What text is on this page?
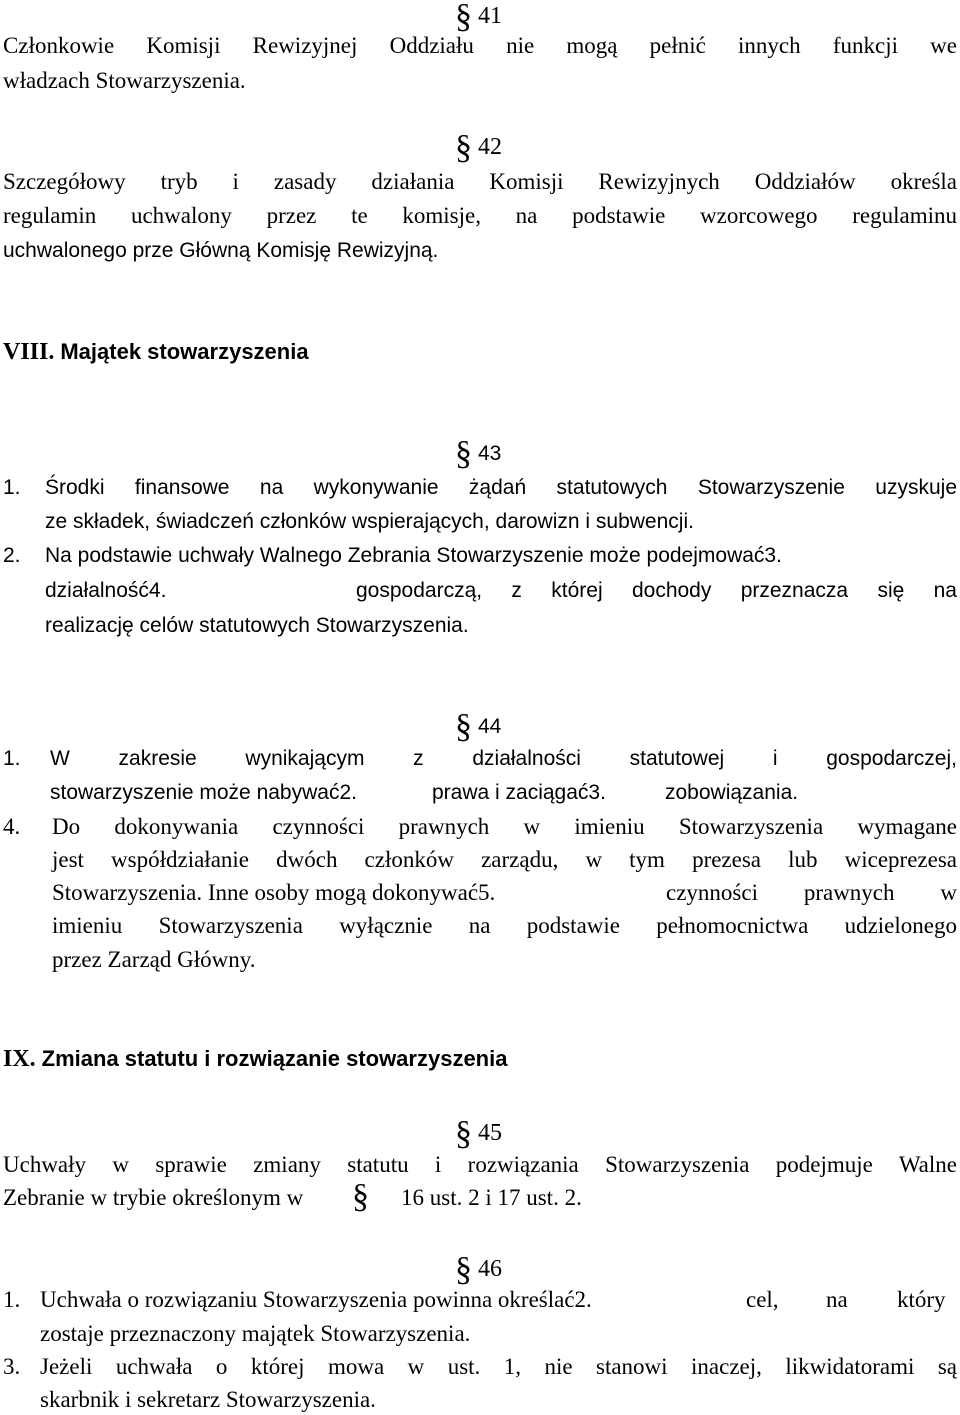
§ 41
Członkowie Komisji Rewizyjnej Oddziału nie mogą pełnić innych funkcji we
władzach Stowarzyszenia.
§ 42
Szczegółowy tryb i zasady działania Komisji Rewizyjnych Oddziałów określa
regulamin uchwalony przez te komisje, na podstawie wzorcowego regulaminu
uchwalonego prze Główną Komisję Rewizyjną.
VIII. Majątek stowarzyszenia
§ 43
1. Środki finansowe na wykonywanie żądań statutowych Stowarzyszenie uzyskuje
ze składek, świadczeń członków wspierających, darowizn i subwencji.
2. Na podstawie uchwały Walnego Zebrania Stowarzyszenie może podejmować3.
działalność4.	gospodarczą, z której dochody przeznacza się na
realizację celów statutowych Stowarzyszenia.
§ 44
1. W zakresie wynikającym z działalności statutowej i gospodarczej,
stowarzyszenie może nabywać2.	prawa i zaciągać3.	zobowiązania.
4. Do dokonywania czynności prawnych w imieniu Stowarzyszenia wymagane
jest współdziałanie dwóch członków zarządu, w tym prezesa lub wiceprezesa
Stowarzyszenia. Inne osoby mogą dokonywać5.	czynności prawnych w
imieniu Stowarzyszenia wyłącznie na podstawie pełnomocnictwa udzielonego
przez Zarząd Główny.
IX. Zmiana statutu i rozwiązanie stowarzyszenia
§ 45
Uchwały w sprawie zmiany statutu i rozwiązania Stowarzyszenia podejmuje Walne
Zebranie w trybie określonym w § 16 ust. 2 i 17 ust. 2.
§ 46
1. Uchwała o rozwiązaniu Stowarzyszenia powinna określać2.	cel, na który
zostaje przeznaczony majątek Stowarzyszenia.
3. Jeżeli uchwała o której mowa w ust. 1, nie stanowi inaczej, likwidatorami są
skarbnik i sekretarz Stowarzyszenia.
